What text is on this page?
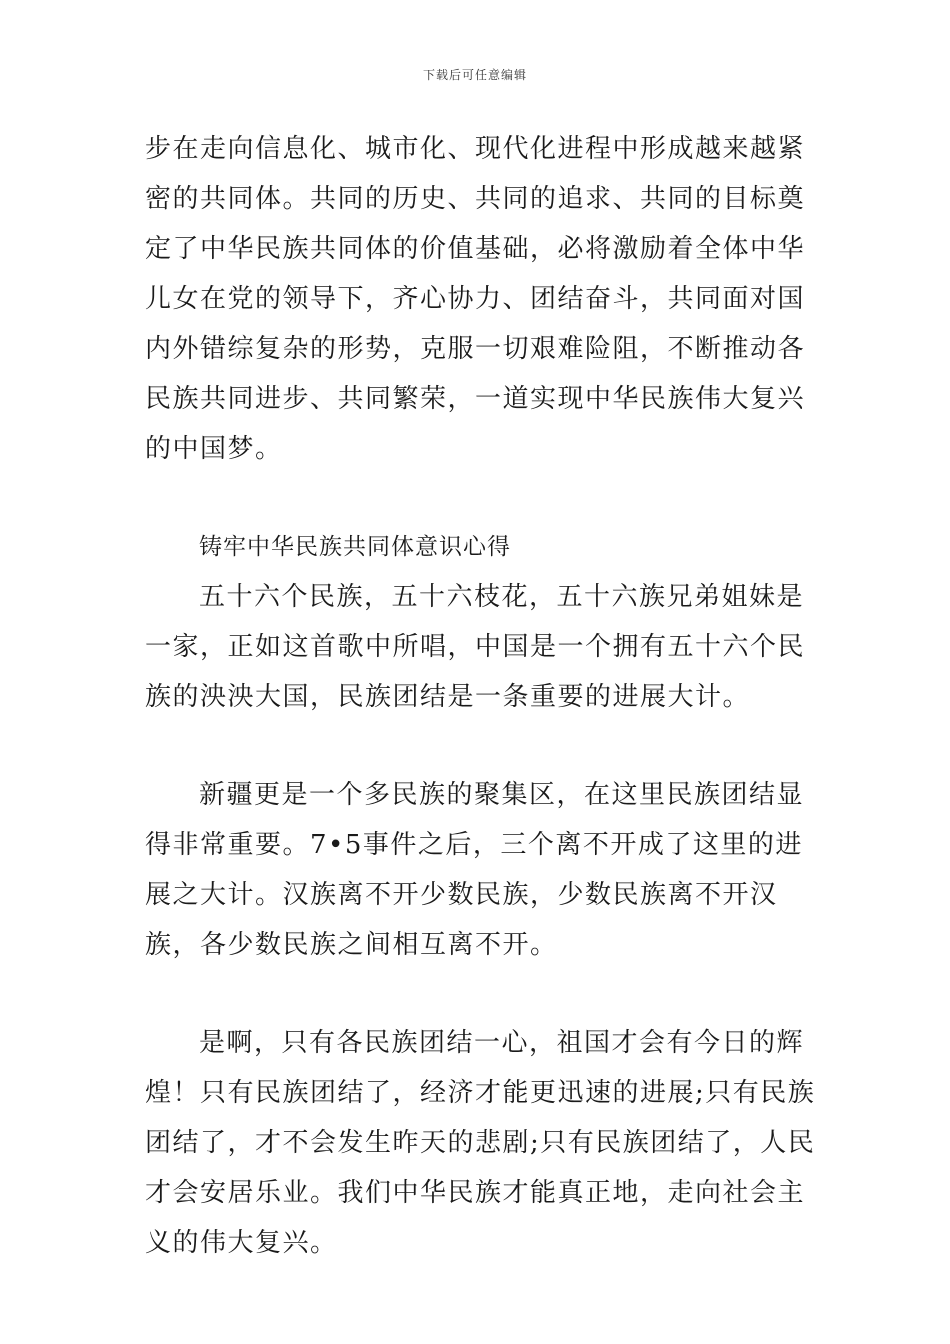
下载后可任意编辑

步在走向信息化、城市化、现代化进程中形成越来越紧密的共同体。共同的历史、共同的追求、共同的目标奠定了中华民族共同体的价值基础，必将激励着全体中华儿女在党的领导下，齐心协力、团结奋斗，共同面对国内外错综复杂的形势，克服一切艰难险阻，不断推动各民族共同进步、共同繁荣，一道实现中华民族伟大复兴的中国梦。

铸牢中华民族共同体意识心得

五十六个民族，五十六枝花，五十六族兄弟姐妹是一家，正如这首歌中所唱，中国是一个拥有五十六个民族的泱泱大国，民族团结是一条重要的进展大计。

新疆更是一个多民族的聚集区，在这里民族团结显得非常重要。7•5事件之后，三个离不开成了这里的进展之大计。汉族离不开少数民族，少数民族离不开汉族，各少数民族之间相互离不开。

是啊，只有各民族团结一心，祖国才会有今日的辉煌！只有民族团结了，经济才能更迅速的进展;只有民族团结了，才不会发生昨天的悲剧;只有民族团结了，人民才会安居乐业。我们中华民族才能真正地，走向社会主义的伟大复兴。
